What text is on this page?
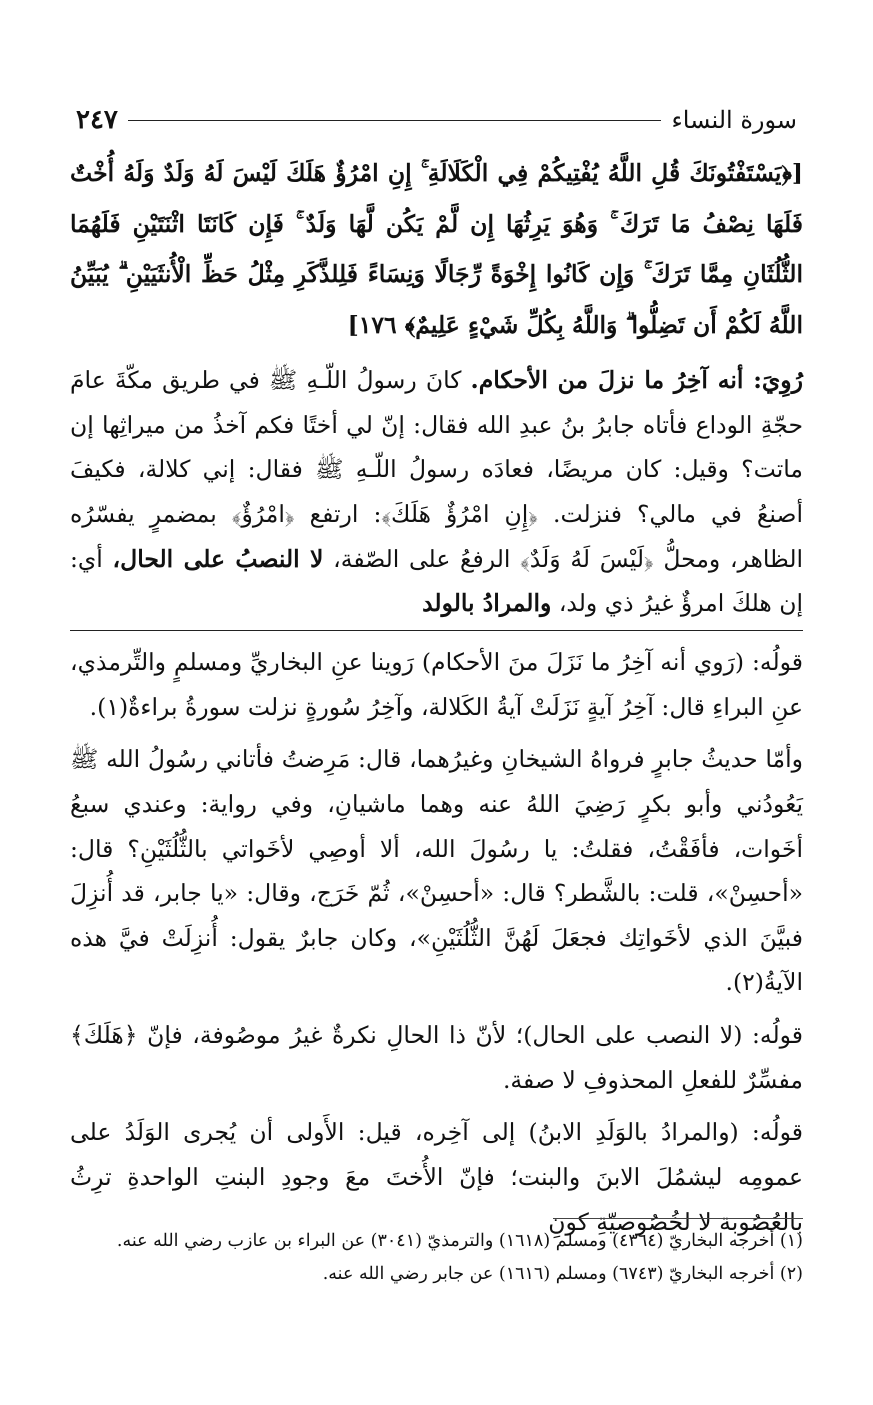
سورة النساء
٢٤٧

[﴿يَسْتَفْتُونَكَ قُلِ اللَّهُ يُفْتِيكُمْ فِي الْكَلَالَةِ ۚ إِنِ امْرُؤٌ هَلَكَ لَيْسَ لَهُ وَلَدٌ وَلَهُ أُخْتٌ فَلَهَا نِصْفُ مَا تَرَكَ ۚ وَهُوَ يَرِثُهَا إِن لَّمْ يَكُن لَّهَا وَلَدٌ ۚ فَإِن كَانَتَا اثْنَتَيْنِ فَلَهُمَا الثُّلُثَانِ مِمَّا تَرَكَ ۚ وَإِن كَانُوا إِخْوَةً رِّجَالًا وَنِسَاءً فَلِلذَّكَرِ مِثْلُ حَظِّ الْأُنثَيَيْنِ ۗ يُبَيِّنُ اللَّهُ لَكُمْ أَن تَضِلُّوا ۗ وَاللَّهُ بِكُلِّ شَيْءٍ عَلِيمٌ﴾ ١٧٦]

رُوِيَ: أنه آخِرُ ما نزلَ من الأحكام. كانَ رسولُ اللّـهِ ﷺ في طريق مكّةَ عامَ حجّةِ الوداع فأتاه جابرُ بنُ عبدِ الله فقال: إنّ لي أختًا فكم آخذُ من ميراثِها إن ماتت؟ وقيل: كان مريضًا، فعادَه رسولُ اللّـهِ ﷺ فقال: إني كلالة، فكيفَ أصنعُ في مالي؟ فنزلت. ﴿إِنِ امْرُؤٌ هَلَكَ﴾: ارتفع ﴿امْرُؤٌ﴾ بمضمرٍ يفسّرُه الظاهر، ومحلُّ ﴿لَيْسَ لَهُ وَلَدٌ﴾ الرفعُ على الصّفة، لا النصبُ على الحال، أي: إن هلكَ امرؤٌ غيرُ ذي ولد، والمرادُ بالولد

قولُه: (رَوي أنه آخِرُ ما نَزَلَ منَ الأحكام) رَوينا عنِ البخاريِّ ومسلمٍ والتِّرمذي، عنِ البراءِ قال: آخِرُ آيةٍ نَزَلَتْ آيةُ الكَلالة، وآخِرُ سُورةٍ نزلت سورةُ براءةٌ(١).

وأمّا حديثُ جابرٍ فرواهُ الشيخانِ وغيرُهما، قال: مَرِضتُ فأتاني رسُولُ الله ﷺ يَعُودُني وأبو بكرٍ رَضِيَ اللهُ عنه وهما ماشيانِ، وفي رواية: وعندي سبعُ أخَوات، فأفَقْتُ، فقلتُ: يا رسُولَ الله، ألا أوصِي لأخَواتي بالثُّلُثَيْنِ؟ قال: «أحسِنْ»، قلت: بالشَّطر؟ قال: «أحسِنْ»، ثُمّ خَرَج، وقال: «يا جابر، قد أُنزِلَ فبيَّنَ الذي لأخَواتِك فجعَلَ لَهُنَّ الثُّلُثَيْنِ»، وكان جابرٌ يقول: أُنزِلَتْ فيَّ هذه الآيةُ(٢).

قولُه: (لا النصب على الحال)؛ لأنّ ذا الحالِ نكرةٌ غيرُ موصُوفة، فإنّ ﴿هَلَكَ﴾ مفسِّرٌ للفعلِ المحذوفِ لا صفة.

قولُه: (والمرادُ بالوَلَدِ الابنُ) إلى آخِره، قيل: الأَولى أن يُجرى الوَلَدُ على عمومِه ليشمُلَ الابنَ والبنت؛ فإنّ الأُختَ معَ وجودِ البنتِ الواحدةِ ترِثُ بالعُصُوبة لا لخُصُوصيّةِ كونِ

(١) أخرجه البخاريّ (٤٣٦٤) ومسلم (١٦١٨) والترمذيّ (٣٠٤١) عن البراء بن عازب رضي الله عنه.

(٢) أخرجه البخاريّ (٦٧٤٣) ومسلم (١٦١٦) عن جابر رضي الله عنه.
